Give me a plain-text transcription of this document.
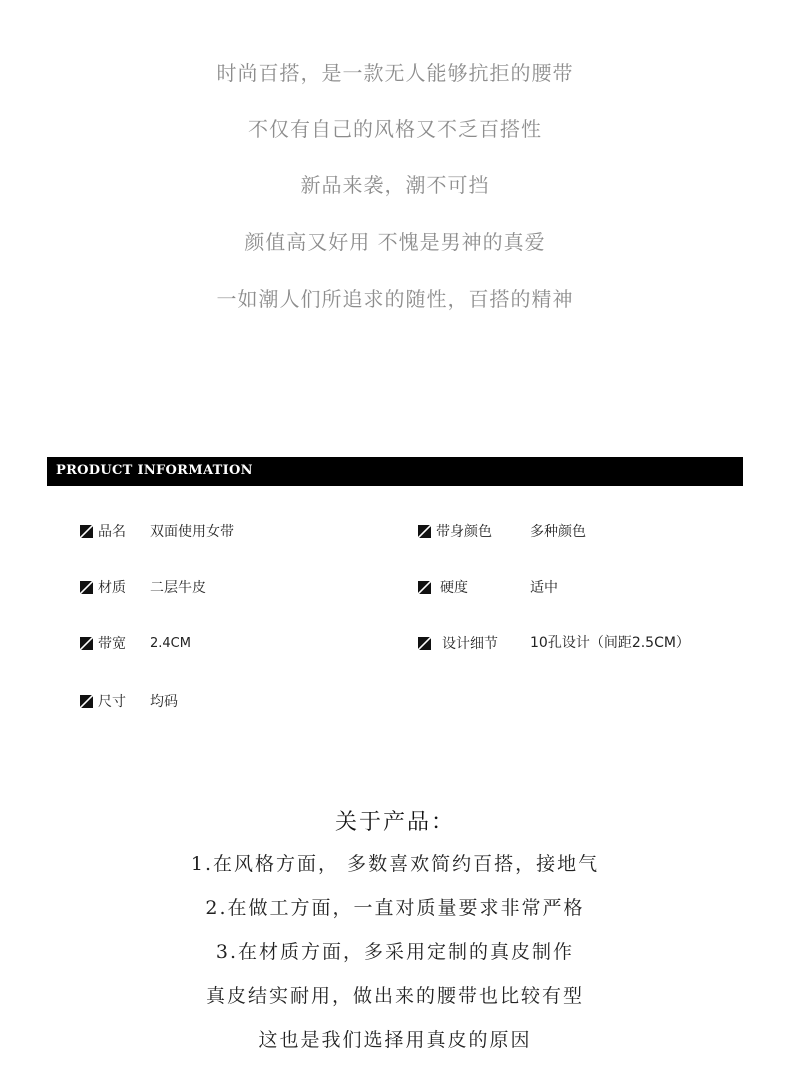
时尚百搭，是一款无人能够抗拒的腰带
不仅有自己的风格又不乏百搭性
新品来袭，潮不可挡
颜值高又好用 不愧是男神的真爱
一如潮人们所追求的随性，百搭的精神
PRODUCT INFORMATION
品名 双面使用女带	带身颜色	多种颜色
材质 二层牛皮	硬度	适中
带宽 2.4CM	设计细节 10孔设计（间距2.5CM）
尺寸 均码
关于产品：
1.在风格方面， 多数喜欢简约百搭，接地气
2.在做工方面，一直对质量要求非常严格
3.在材质方面，多采用定制的真皮制作
真皮结实耐用，做出来的腰带也比较有型
这也是我们选择用真皮的原因
